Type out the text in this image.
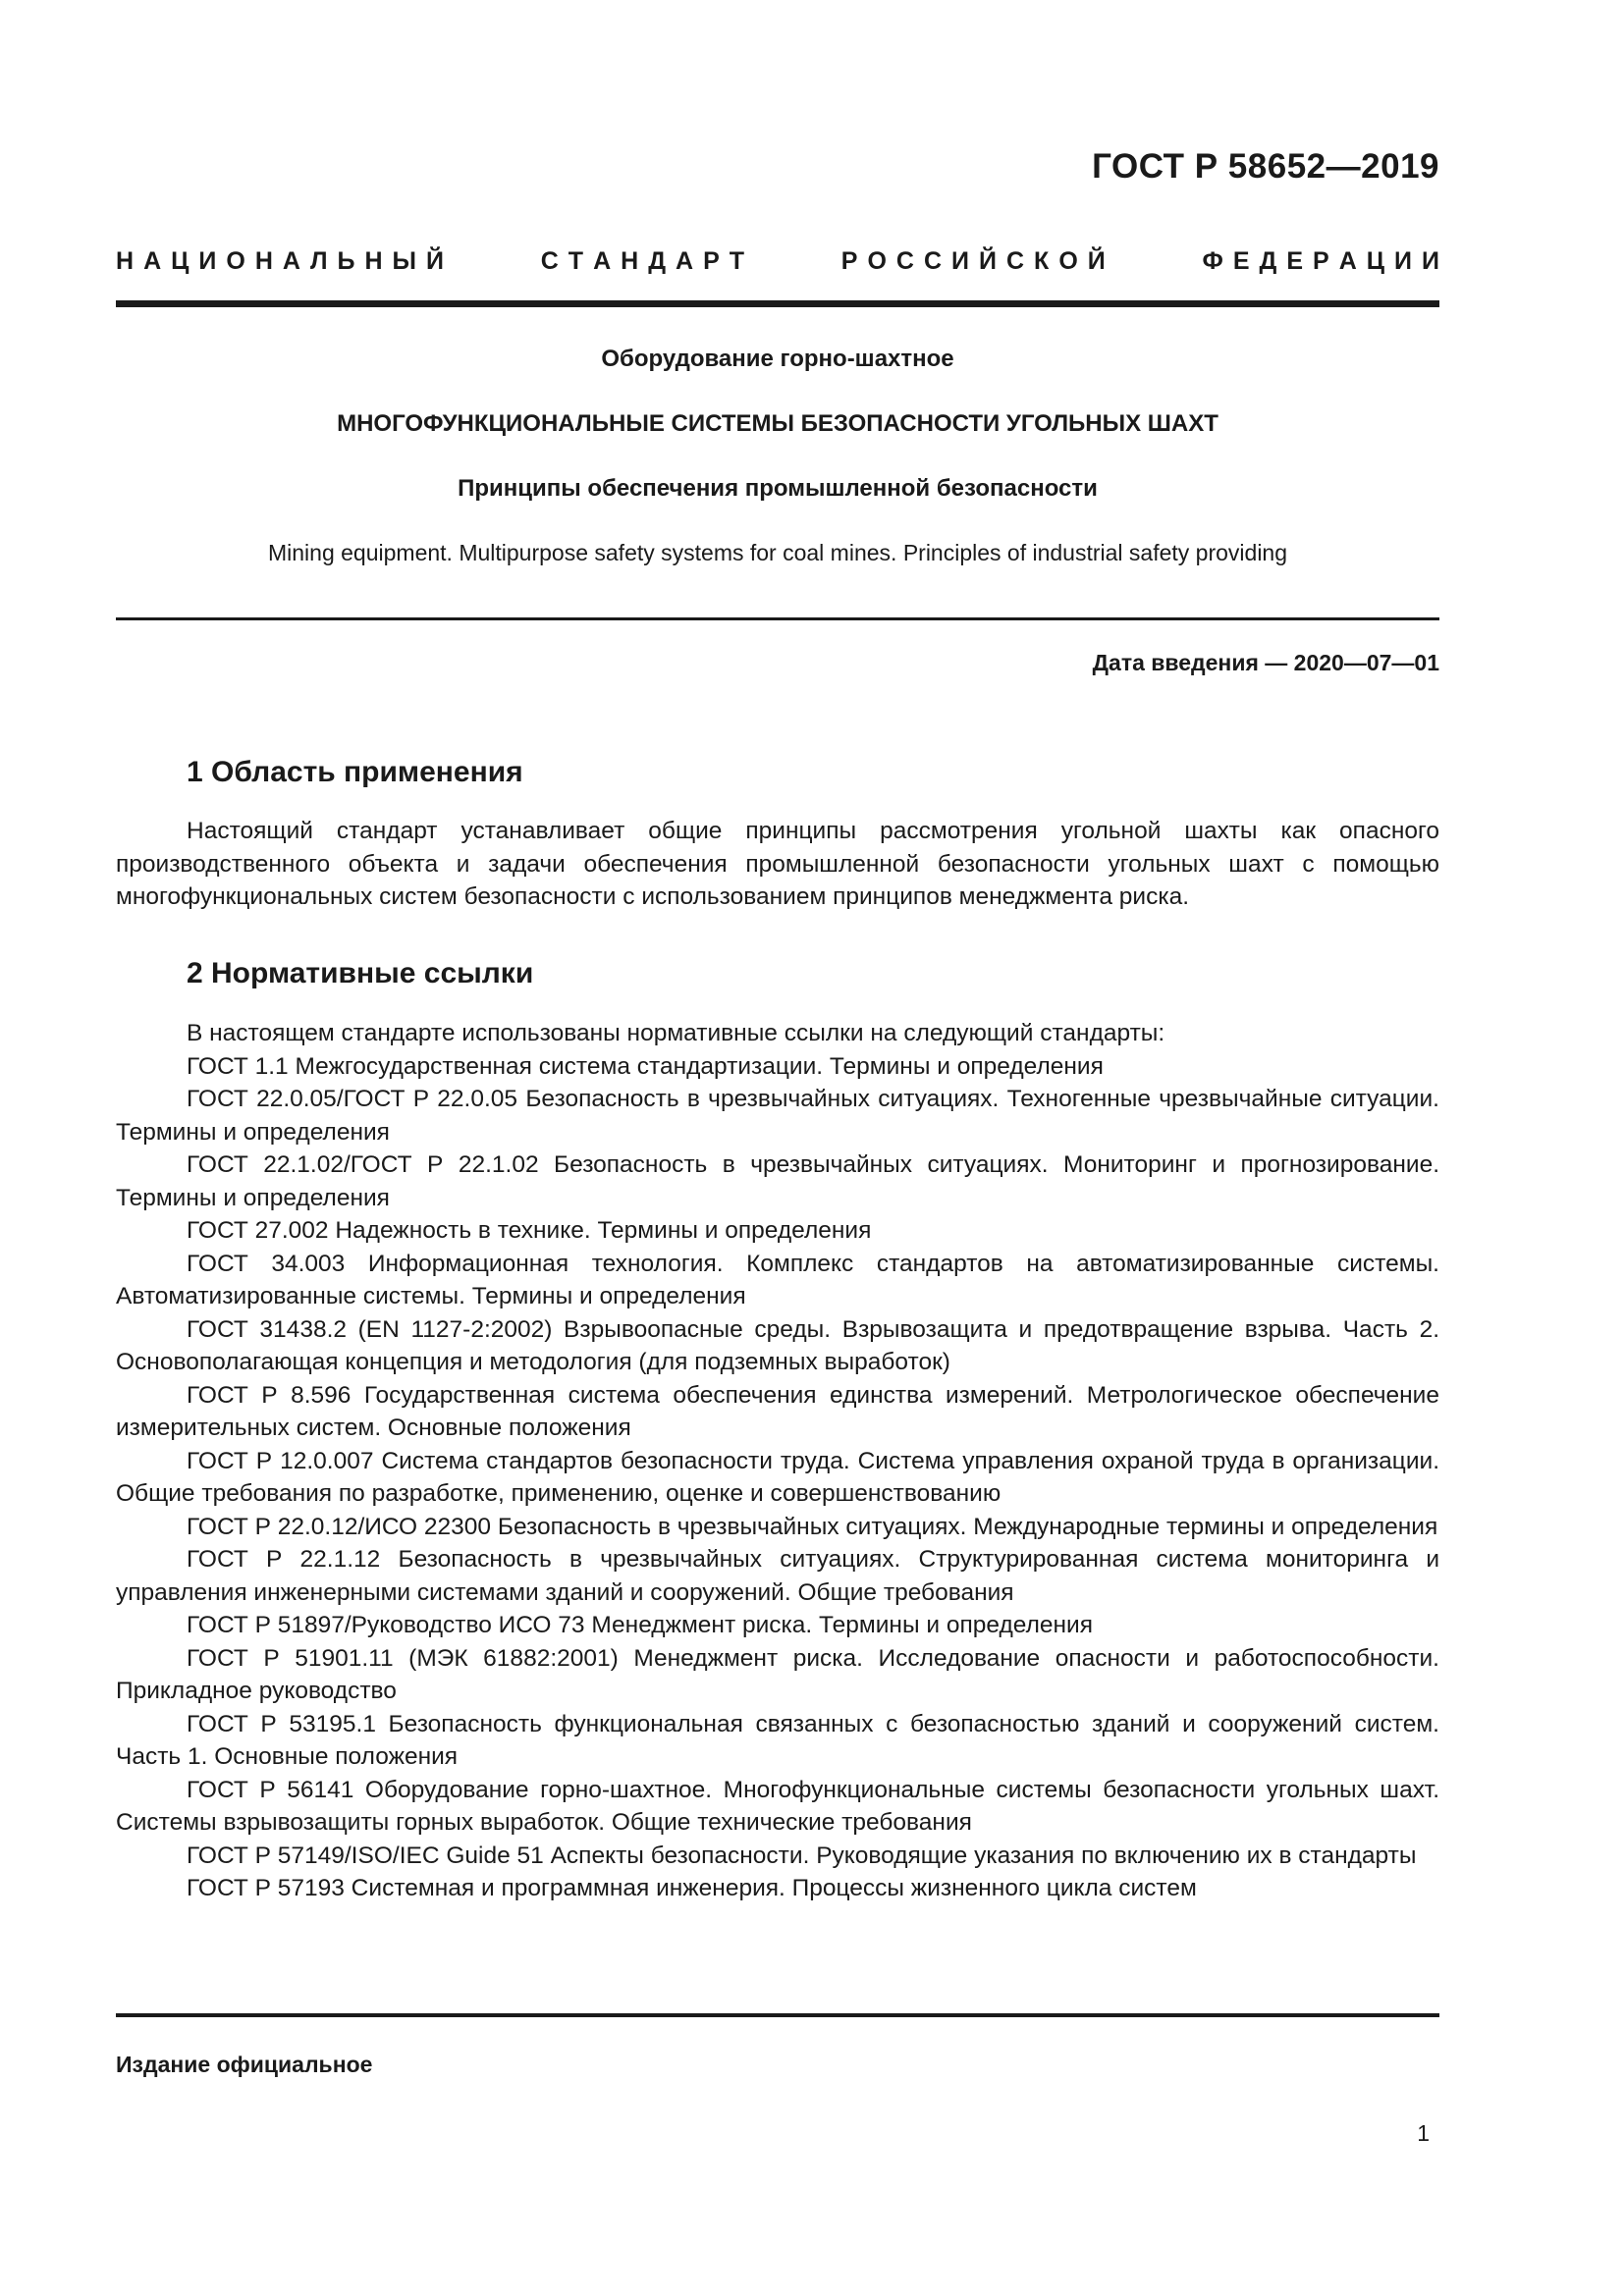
ГОСТ Р 58652—2019
Н  А  Ц  И  О  Н  А  Л  Ь  Н  Ы  Й	С  Т  А  Н  Д  А  Р  Т	Р  О  С  С  И  Й  С  К  О  Й	Ф  Е  Д  Е  Р  А  Ц  И  И
Оборудование горно-шахтное
МНОГОФУНКЦИОНАЛЬНЫЕ СИСТЕМЫ БЕЗОПАСНОСТИ УГОЛЬНЫХ ШАХТ
Принципы обеспечения промышленной безопасности
Mining equipment. Multipurpose safety systems for coal mines. Principles of industrial safety providing
Дата введения — 2020—07—01
1 Область применения

Настоящий стандарт устанавливает общие принципы рассмотрения угольной шахты как опасного производственного объекта и задачи обеспечения промышленной безопасности угольных шахт с помощью многофункциональных систем безопасности с использованием принципов менеджмента риска.

2 Нормативные ссылки

В настоящем стандарте использованы нормативные ссылки на следующий стандарты:

ГОСТ 1.1 Межгосударственная система стандартизации. Термины и определения

ГОСТ 22.0.05/ГОСТ Р 22.0.05 Безопасность в чрезвычайных ситуациях. Техногенные чрезвычайные ситуации. Термины и определения

ГОСТ 22.1.02/ГОСТ Р 22.1.02 Безопасность в чрезвычайных ситуациях. Мониторинг и прогнозирование. Термины и определения

ГОСТ 27.002 Надежность в технике. Термины и определения

ГОСТ 34.003 Информационная технология. Комплекс стандартов на автоматизированные системы. Автоматизированные системы. Термины и определения

ГОСТ 31438.2 (EN 1127-2:2002) Взрывоопасные среды. Взрывозащита и предотвращение взрыва. Часть 2. Основополагающая концепция и методология (для подземных выработок)

ГОСТ Р 8.596 Государственная система обеспечения единства измерений. Метрологическое обеспечение измерительных систем. Основные положения

ГОСТ Р 12.0.007 Система стандартов безопасности труда. Система управления охраной труда в организации. Общие требования по разработке, применению, оценке и совершенствованию

ГОСТ Р 22.0.12/ИСО 22300 Безопасность в чрезвычайных ситуациях. Международные термины и определения

ГОСТ Р 22.1.12 Безопасность в чрезвычайных ситуациях. Структурированная система мониторинга и управления инженерными системами зданий и сооружений. Общие требования

ГОСТ Р 51897/Руководство ИСО 73 Менеджмент риска. Термины и определения

ГОСТ Р 51901.11 (МЭК 61882:2001) Менеджмент риска. Исследование опасности и работоспособности. Прикладное руководство

ГОСТ Р 53195.1 Безопасность функциональная связанных с безопасностью зданий и сооружений систем. Часть 1. Основные положения

ГОСТ Р 56141 Оборудование горно-шахтное. Многофункциональные системы безопасности угольных шахт. Системы взрывозащиты горных выработок. Общие технические требования

ГОСТ Р 57149/ISO/IEC Guide 51 Аспекты безопасности. Руководящие указания по включению их в стандарты

ГОСТ Р 57193 Системная и программная инженерия. Процессы жизненного цикла систем

Издание официальное
1
